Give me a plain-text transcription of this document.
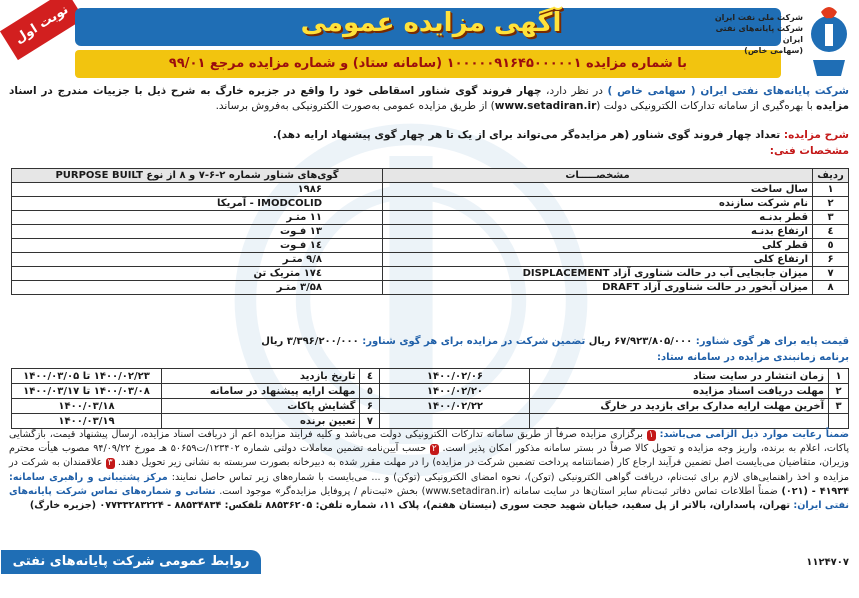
نوبت اول	آگهی مزایده عمومی
با شماره مزایده ۱۰۰۰۰۰۹۱۶۴۵۰۰۰۰۰۱ (سامانه ستاد) و شماره مزایده مرجع ۹۹/۰۱
شرکت ملی نفت ایران
شرکت پایانه‌های نفتی ایران
(سهامی خاص)
شرکت پایانه‌های نفتی ایران ( سهامی خاص ) در نظر دارد، چهار فروند گوی شناور اسقاطی خود را واقع در جزیره خارگ به شرح ذیل با جزییات مندرج در اسناد مزایده با بهره‌گیری از سامانه تدارکات الکترونیکی دولت (www.setadiran.ir) از طریق مزایده عمومی به‌صورت الکترونیکی به‌فروش برساند.
شرح مزایده: تعداد چهار فروند گوی شناور (هر مزایده‌گر می‌تواند برای از یک تا هر چهار گوی پیشنهاد ارایه دهد).
مشخصات فنی:
ردیف	مشخصـــــات	گوی‌های شناور شماره ۲-۶-۷ و ۸ از نوع PURPOSE BUILT
۱	سال ساخت	۱۹۸۶
۲	نام شرکت سازنده	IMODCOLID - آمریکا
۳	قطر بدنـه	۱۱ متـر
٤	ارتفاع بدنـه	۱۳ فـوت
٥	قطر کلی	۱٤ فـوت
۶	ارتفاع کلی	۹/۸ متـر
۷	میزان جابجایی آب در حالت شناوری آزاد DISPLACEMENT	۱۷٤ متریک تن
۸	میزان آبخور در حالت شناوری آزاد DRAFT	۳/۵۸ متـر
قیمت پایه برای هر گوی شناور: ۶۷/۹۲۳/۸۰۵/۰۰۰ ریال تضمین شرکت در مزایده برای هر گوی شناور: ۳/۳۹۶/۲۰۰/۰۰۰ ریال
برنامه زمانبندی مزایده در سامانه ستاد:
۱	زمان انتشار در سایت ستاد	۱۴۰۰/۰۲/۰۶	٤	تاریخ بازدید	۱۴۰۰/۰۲/۲۳ تا ۱۴۰۰/۰۳/۰۵
۲	مهلت دریافت اسناد مزایده	۱۴۰۰/۰۲/۲۰	٥	مهلت ارایه پیشنهاد در سامانه	۱۴۰۰/۰۳/۰۸ تا ۱۴۰۰/۰۳/۱۷
۳	آخرین مهلت ارایه مدارک برای بازدید در خارگ	۱۴۰۰/۰۲/۲۲	۶	گشایش پاکات	۱۴۰۰/۰۳/۱۸
			۷	تعیین برنده	۱۴۰۰/۰۳/۱۹
ضمناً رعایت موارد ذیل الزامی می‌باشد: ۱ برگزاری مزایده صرفاً از طریق سامانه تدارکات الکترونیکی دولت می‌باشد و کلیه فرآیند مزایده اعم از دریافت اسناد مزایده، ارسال پیشنهاد قیمت، بازگشایی پاکات، اعلام به برنده، واریز وجه مزایده و تحویل کالا صرفاً در بستر سامانه مذکور امکان پذیر است. ۲ حسب آیین‌نامه تضمین معاملات دولتی شماره ۱۲۳۴۰۲/ت۵۰۶۵۹ هـ مورخ ۹۴/۰۹/۲۲ مصوب هیأت محترم وزیران، متقاضیان می‌بایست اصل تضمین فرآیند ارجاع کار (ضمانتنامه پرداخت تضمین شرکت در مزایده) را در مهلت مقرر شده به دبیرخانه بصورت سربسته به نشانی زیر تحویل دهند. ۳ علاقمندان به شرکت در مزایده و اخذ راهنمایی‌های لازم برای ثبت‌نام، دریافت گواهی الکترونیکی (توکن)، نحوه امضای الکترونیکی (توکن) و ... می‌بایست با شماره‌های زیر تماس حاصل نمایند: مرکز پشتیبانی و راهبری سامانه: ۴۱۹۳۴ - (۰۲۱) ضمناً اطلاعات تماس دفاتر ثبت‌نام سایر استان‌ها در سایت سامانه (www.setadiran.ir) بخش «ثبت‌نام / پروفایل مزایده‌گر» موجود است. نشانی و شماره‌های تماس شرکت پایانه‌های نفتی ایران: تهران، پاسداران، بالاتر از پل سفید، خیابان شهید حجت سوری (نیستان هفتم)، پلاک ۱۱، شماره تلفن: ۸۸۵۳۶۲۰۵ تلفکس: ۸۸۵۳۴۸۳۴ - ۰۷۷۳۳۲۸۳۲۲۴ (جزیره خارگ)
روابط عمومی شرکت پایانه‌های نفتی ایران
۱۱۲۴۷۰۷
